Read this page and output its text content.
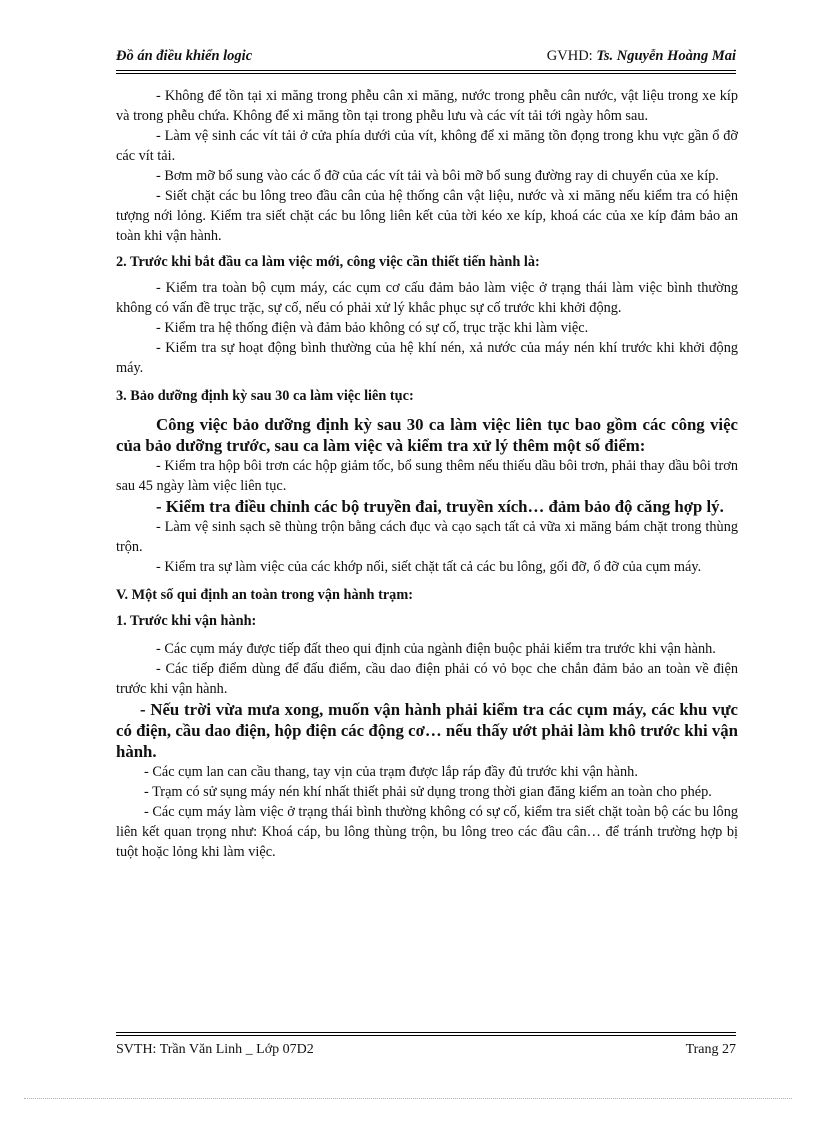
Đồ án điều khiển logic	GVHD: Ts. Nguyễn Hoàng Mai

- Không để tồn tại xi măng trong phễu cân xi măng, nước trong phễu cân nước, vật liệu trong xe kíp và trong phễu chứa. Không để xi măng tồn tại trong phễu lưu và các vít tải tới ngày hôm sau.

- Làm vệ sinh các vít tải ở cửa phía dưới của vít, không để xi măng tồn đọng trong khu vực gần ổ đỡ các vít tải.

- Bơm mỡ bổ sung vào các ổ đỡ của các vít tải và bôi mỡ bổ sung đường ray di chuyển của xe kíp.

- Siết chặt các bu lông treo đầu cân của hệ thống cân vật liệu, nước và xi măng nếu kiểm tra có hiện tượng nới lỏng. Kiểm tra siết chặt các bu lông liên kết của tời kéo xe kíp, khoá các của xe kíp đảm bảo an toàn khi vận hành.

2. Trước khi bắt đầu ca làm việc mới, công việc cần thiết tiến hành là:

- Kiểm tra toàn bộ cụm máy, các cụm cơ cấu đảm bảo làm việc ở trạng thái làm việc bình thường không có vấn đề trục trặc, sự cố, nếu có phải xử lý khắc phục sự cố trước khi khởi động.

- Kiểm tra hệ thống điện và đảm bảo không có sự cố, trục trặc khi làm việc.

- Kiểm tra sự hoạt động bình thường của hệ khí nén, xả nước của máy nén khí trước khi khởi động máy.

3. Bảo dưỡng định kỳ sau 30 ca làm việc liên tục:

Công việc bảo dưỡng định kỳ sau 30 ca làm việc liên tục bao gồm các công việc của bảo dưỡng trước, sau ca làm việc và kiểm tra xử lý thêm một số điểm:

- Kiểm tra hộp bôi trơn các hộp giảm tốc, bổ sung thêm nếu thiếu dầu bôi trơn, phải thay dầu bôi trơn sau 45 ngày làm việc liên tục.

- Kiểm tra điều chỉnh các bộ truyền đai, truyền xích… đảm bảo độ căng hợp lý.

- Làm vệ sinh sạch sẽ thùng trộn bằng cách đục và cạo sạch tất cả vữa xi măng bám chặt trong thùng trộn.

- Kiểm tra sự làm việc của các khớp nối, siết chặt tất cả các bu lông, gối đỡ, ổ đỡ của cụm máy.

V. Một số qui định an toàn trong vận hành trạm:
1. Trước khi vận hành:

- Các cụm máy được tiếp đất theo qui định của ngành điện buộc phải kiểm tra trước khi vận hành.

- Các tiếp điểm dùng để đấu điểm, cầu dao điện phải có vỏ bọc che chắn đảm bảo an toàn về điện trước khi vận hành.

- Nếu trời vừa mưa xong, muốn vận hành phải kiểm tra các cụm máy, các khu vực có điện, cầu dao điện, hộp điện các động cơ… nếu thấy ướt phải làm khô trước khi vận hành.

- Các cụm lan can cầu thang, tay vịn của trạm được lắp ráp đầy đủ trước khi vận hành.

- Trạm có sử sụng máy nén khí nhất thiết phải sử dụng trong thời gian đăng kiểm an toàn cho phép.

- Các cụm máy làm việc ở trạng thái bình thường không có sự cố, kiểm tra siết chặt toàn bộ các bu lông liên kết quan trọng như: Khoá cáp, bu lông thùng trộn, bu lông treo các đầu cân… để tránh trường hợp bị tuột hoặc lỏng khi làm việc.

SVTH: Trần Văn Linh _ Lớp 07D2	Trang 27
